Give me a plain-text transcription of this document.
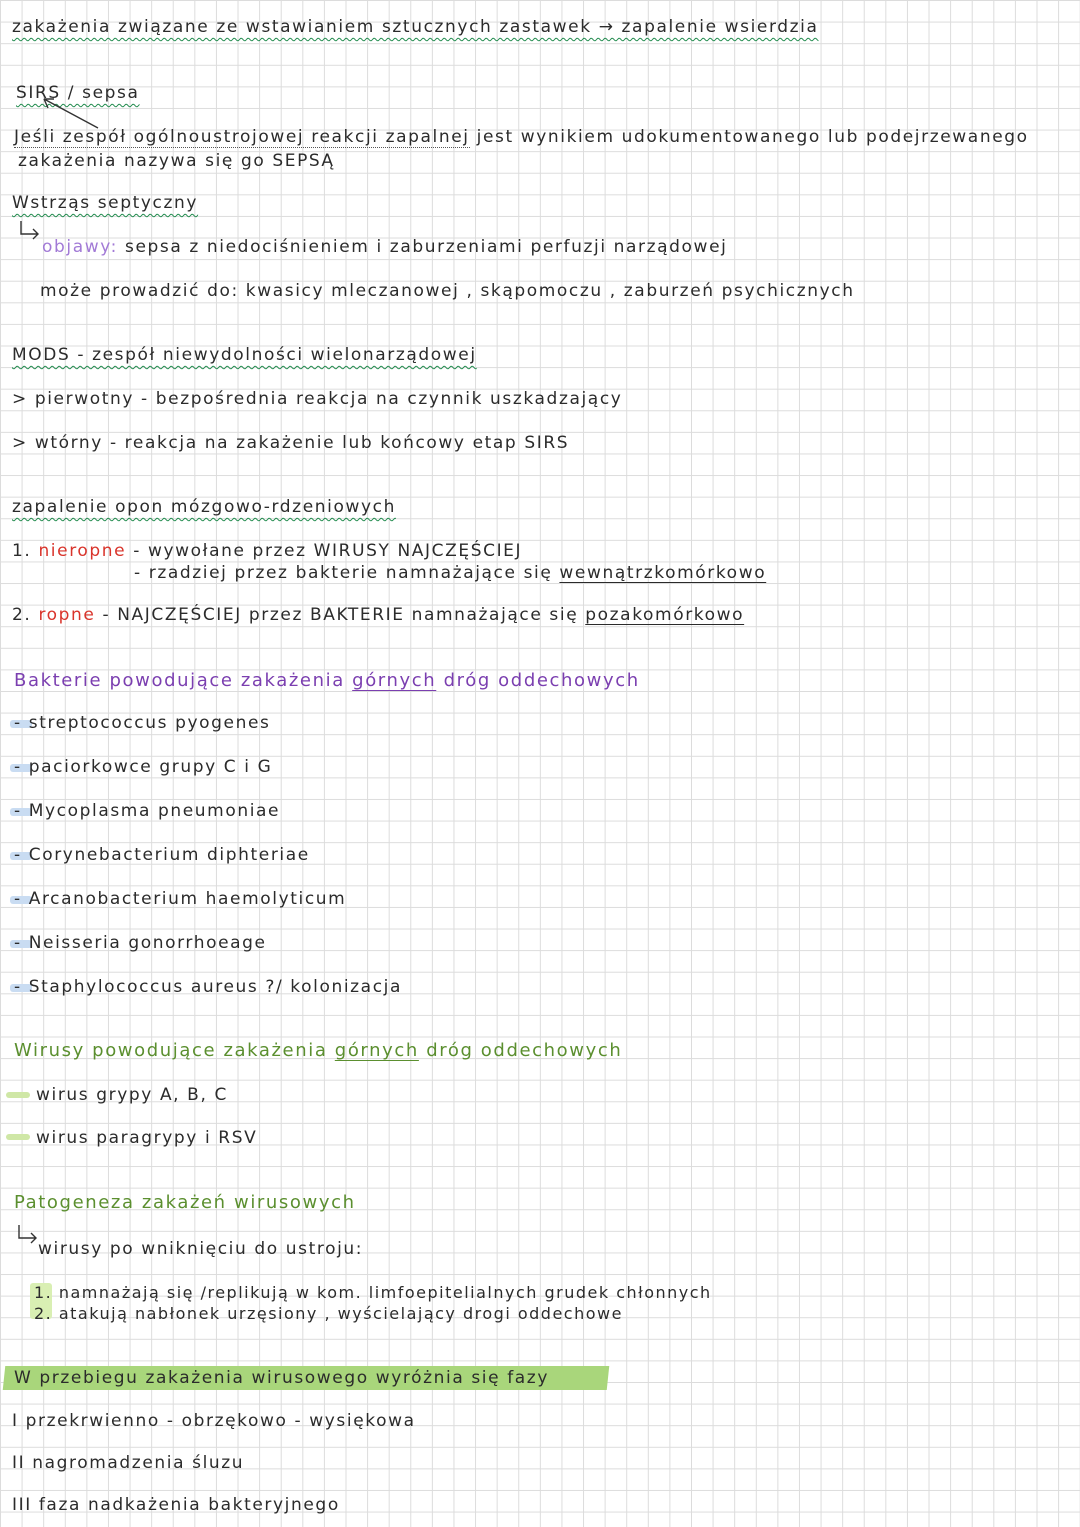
zakażenia związane ze wstawianiem sztucznych zastawek → zapalenie wsierdzia
SIRS / sepsa
Jeśli zespół ogólnoustrojowej reakcji zapalnej jest wynikiem udokumentowanego lub podejrzewanego
zakażenia nazywa się go SEPSĄ
Wstrząs septyczny
objawy: sepsa z niedociśnieniem i zaburzeniami perfuzji narządowej
może prowadzić do: kwasicy mleczanowej , skąpomoczu , zaburzeń psychicznych
MODS - zespół niewydolności wielonarządowej
> pierwotny - bezpośrednia reakcja na czynnik uszkadzający
> wtórny - reakcja na zakażenie lub końcowy etap SIRS
zapalenie opon mózgowo-rdzeniowych
1. nieropne - wywołane przez WIRUSY NAJCZĘŚCIEJ
- rzadziej przez bakterie namnażające się wewnątrzkomórkowo
2. ropne - NAJCZĘŚCIEJ przez BAKTERIE namnażające się pozakomórkowo
Bakterie powodujące zakażenia górnych dróg oddechowych
- streptococcus pyogenes
- paciorkowce grupy C i G
- Mycoplasma pneumoniae
- Corynebacterium diphteriae
- Arcanobacterium haemolyticum
- Neisseria gonorrhoeage
- Staphylococcus aureus ?/ kolonizacja
Wirusy powodujące zakażenia górnych dróg oddechowych
wirus grypy A, B, C
wirus paragrypy i RSV
Patogeneza zakażeń wirusowych
wirusy po wniknięciu do ustroju:
1. namnażają się /replikują w kom. limfoepitelialnych grudek chłonnych
2. atakują nabłonek urzęsiony , wyścielający drogi oddechowe
W przebiegu zakażenia wirusowego wyróżnia się fazy
I przekrwienno - obrzękowo - wysiękowa
II nagromadzenia śluzu
III faza nadkażenia bakteryjnego
